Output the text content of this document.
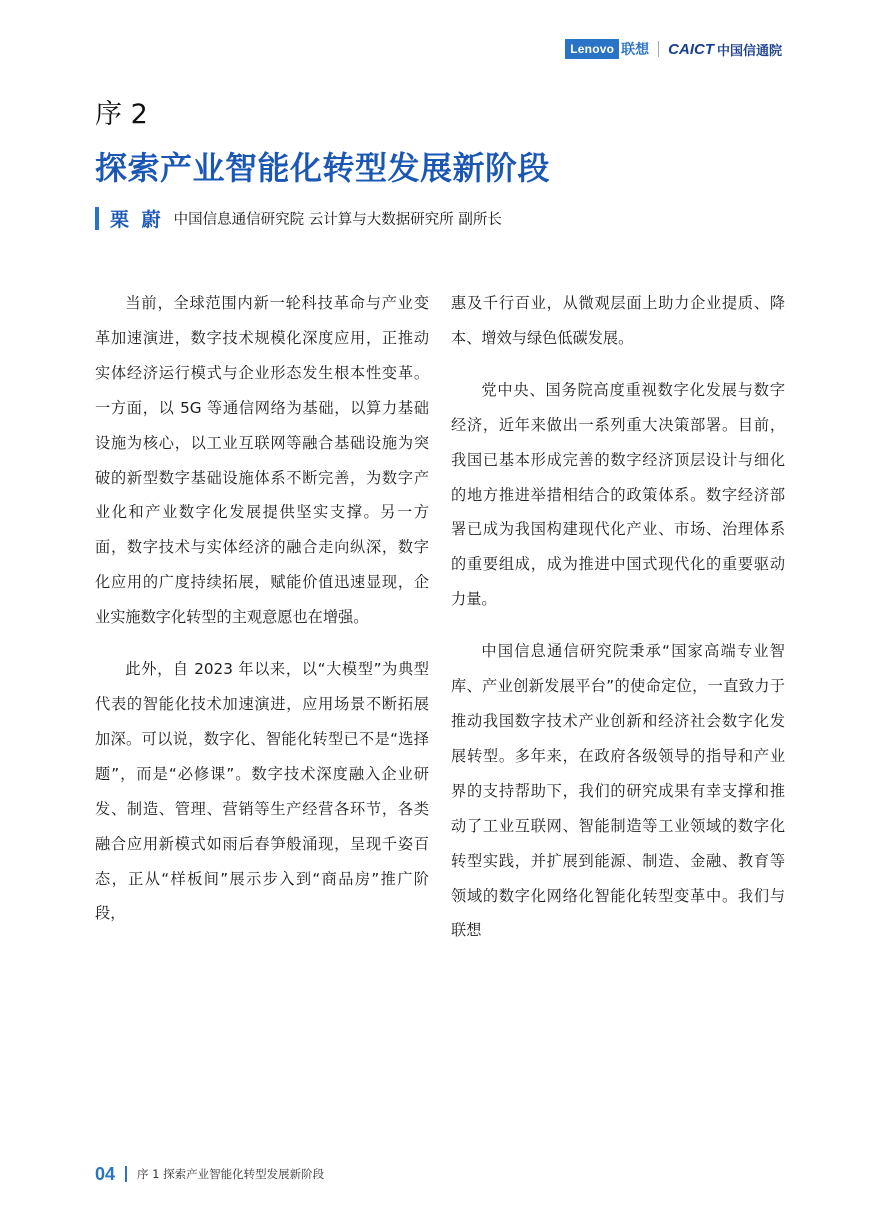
Lenovo 联想 CAICT 中国信通院
序 2
探索产业智能化转型发展新阶段
栗 蔚 中国信息通信研究院 云计算与大数据研究所 副所长

当前，全球范围内新一轮科技革命与产业变革加速演进，数字技术规模化深度应用，正推动实体经济运行模式与企业形态发生根本性变革。一方面，以 5G 等通信网络为基础，以算力基础设施为核心，以工业互联网等融合基础设施为突破的新型数字基础设施体系不断完善，为数字产业化和产业数字化发展提供坚实支撑。另一方面，数字技术与实体经济的融合走向纵深，数字化应用的广度持续拓展，赋能价值迅速显现，企业实施数字化转型的主观意愿也在增强。

此外，自 2023 年以来，以“大模型”为典型代表的智能化技术加速演进，应用场景不断拓展加深。可以说，数字化、智能化转型已不是“选择题”，而是“必修课”。数字技术深度融入企业研发、制造、管理、营销等生产经营各环节，各类融合应用新模式如雨后春笋般涌现，呈现千姿百态，正从“样板间”展示步入到“商品房”推广阶段，

惠及千行百业，从微观层面上助力企业提质、降本、增效与绿色低碳发展。

党中央、国务院高度重视数字化发展与数字经济，近年来做出一系列重大决策部署。目前，我国已基本形成完善的数字经济顶层设计与细化的地方推进举措相结合的政策体系。数字经济部署已成为我国构建现代化产业、市场、治理体系的重要组成，成为推进中国式现代化的重要驱动力量。

中国信息通信研究院秉承“国家高端专业智库、产业创新发展平台”的使命定位，一直致力于推动我国数字技术产业创新和经济社会数字化发展转型。多年来，在政府各级领导的指导和产业界的支持帮助下，我们的研究成果有幸支撑和推动了工业互联网、智能制造等工业领域的数字化转型实践，并扩展到能源、制造、金融、教育等领域的数字化网络化智能化转型变革中。我们与联想

04 序 1 探索产业智能化转型发展新阶段
